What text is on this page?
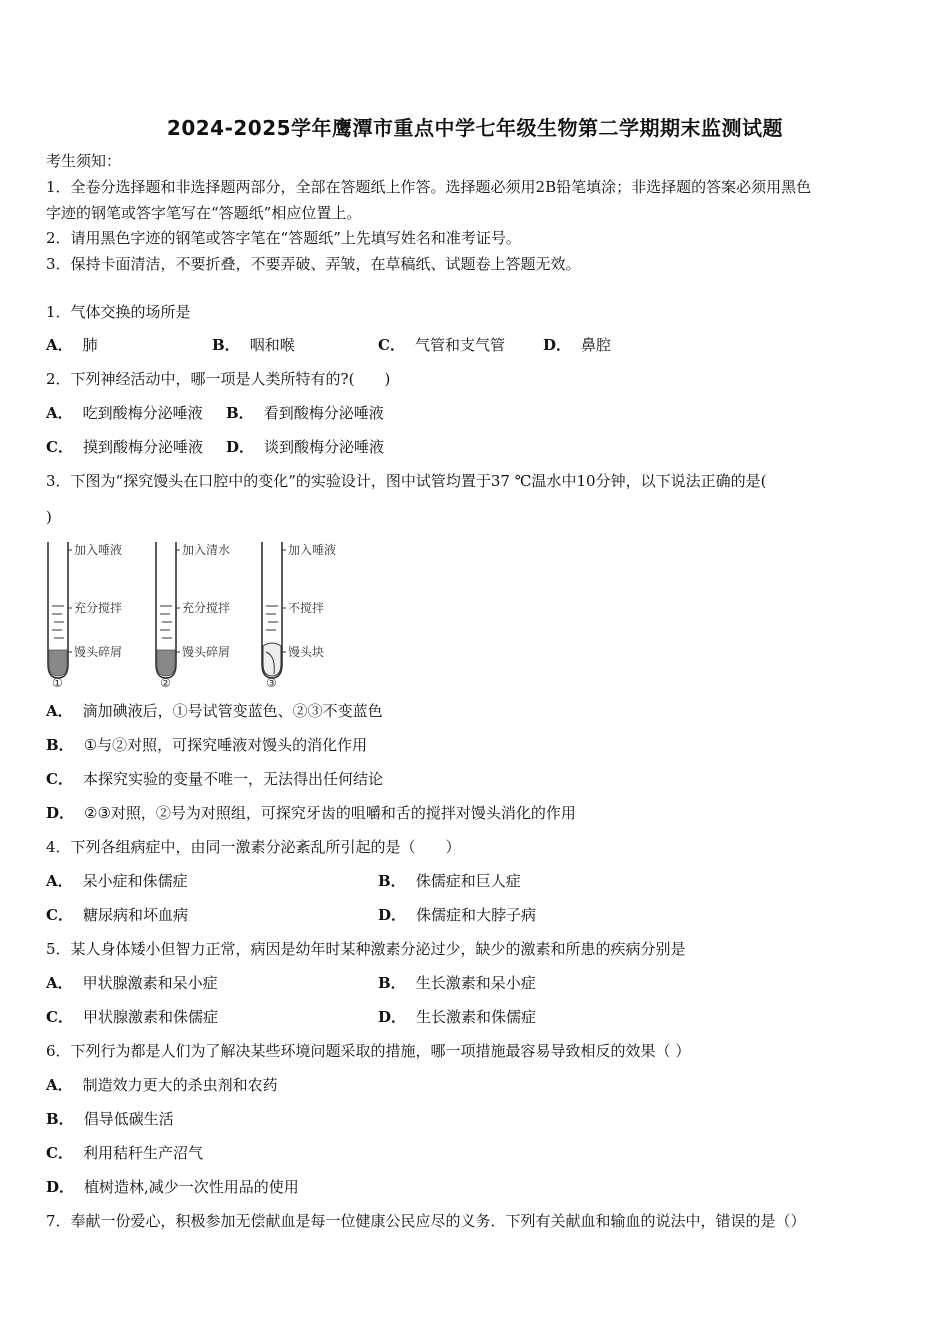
2024-2025学年鹰潭市重点中学七年级生物第二学期期末监测试题
考生须知：
1．全卷分选择题和非选择题两部分，全部在答题纸上作答。选择题必须用2B铅笔填涂；非选择题的答案必须用黑色
字迹的钢笔或答字笔写在“答题纸”相应位置上。
2．请用黑色字迹的钢笔或答字笔在“答题纸”上先填写姓名和准考证号。
3．保持卡面清洁，不要折叠，不要弄破、弄皱，在草稿纸、试题卷上答题无效。
1．气体交换的场所是
A． 肺	B． 咽和喉	C． 气管和支气管	D． 鼻腔
2．下列神经活动中，哪一项是人类所特有的?(　　)
A． 吃到酸梅分泌唾液 B． 看到酸梅分泌唾液
C． 摸到酸梅分泌唾液 D． 谈到酸梅分泌唾液
3．下图为“探究馒头在口腔中的变化”的实验设计，图中试管均置于37 ℃温水中10分钟，以下说法正确的是(
)
加入唾液
充分搅拌
馒头碎屑
①
加入清水
充分搅拌
馒头碎屑
②
加入唾液
不搅拌
馒头块
③
A． 滴加碘液后，①号试管变蓝色、②③不变蓝色
B． ①与②对照，可探究唾液对馒头的消化作用
C． 本探究实验的变量不唯一，无法得出任何结论
D． ②③对照，②号为对照组，可探究牙齿的咀嚼和舌的搅拌对馒头消化的作用
4．下列各组病症中，由同一激素分泌紊乱所引起的是（　　）
A． 呆小症和侏儒症	B． 侏儒症和巨人症
C． 糖尿病和坏血病	D． 侏儒症和大脖子病
5．某人身体矮小但智力正常，病因是幼年时某种激素分泌过少，缺少的激素和所患的疾病分别是
A． 甲状腺激素和呆小症	B． 生长激素和呆小症
C． 甲状腺激素和侏儒症	D． 生长激素和侏儒症
6．下列行为都是人们为了解决某些环境问题采取的措施，哪一项措施最容易导致相反的效果（ ）
A． 制造效力更大的杀虫剂和农药
B． 倡导低碳生活
C． 利用秸秆生产沼气
D． 植树造林,减少一次性用品的使用
7．奉献一份爱心，积极参加无偿献血是每一位健康公民应尽的义务．下列有关献血和输血的说法中，错误的是（）
